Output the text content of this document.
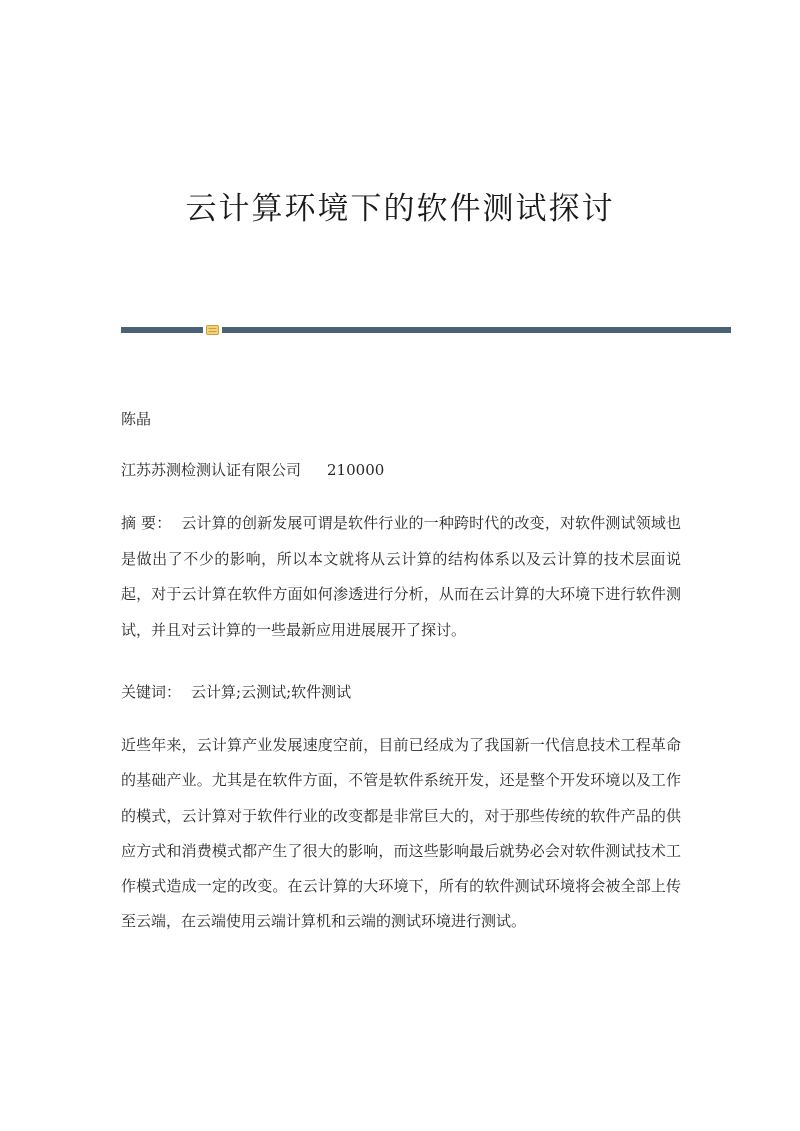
云计算环境下的软件测试探讨

陈晶

江苏苏测检测认证有限公司 210000

摘 要： 云计算的创新发展可谓是软件行业的一种跨时代的改变，对软件测试领域也是做出了不少的影响，所以本文就将从云计算的结构体系以及云计算的技术层面说起，对于云计算在软件方面如何渗透进行分析，从而在云计算的大环境下进行软件测试，并且对云计算的一些最新应用进展展开了探讨。

关键词： 云计算;云测试;软件测试

近些年来，云计算产业发展速度空前，目前已经成为了我国新一代信息技术工程革命的基础产业。尤其是在软件方面，不管是软件系统开发，还是整个开发环境以及工作的模式，云计算对于软件行业的改变都是非常巨大的，对于那些传统的软件产品的供应方式和消费模式都产生了很大的影响，而这些影响最后就势必会对软件测试技术工作模式造成一定的改变。在云计算的大环境下，所有的软件测试环境将会被全部上传至云端，在云端使用云端计算机和云端的测试环境进行测试。
